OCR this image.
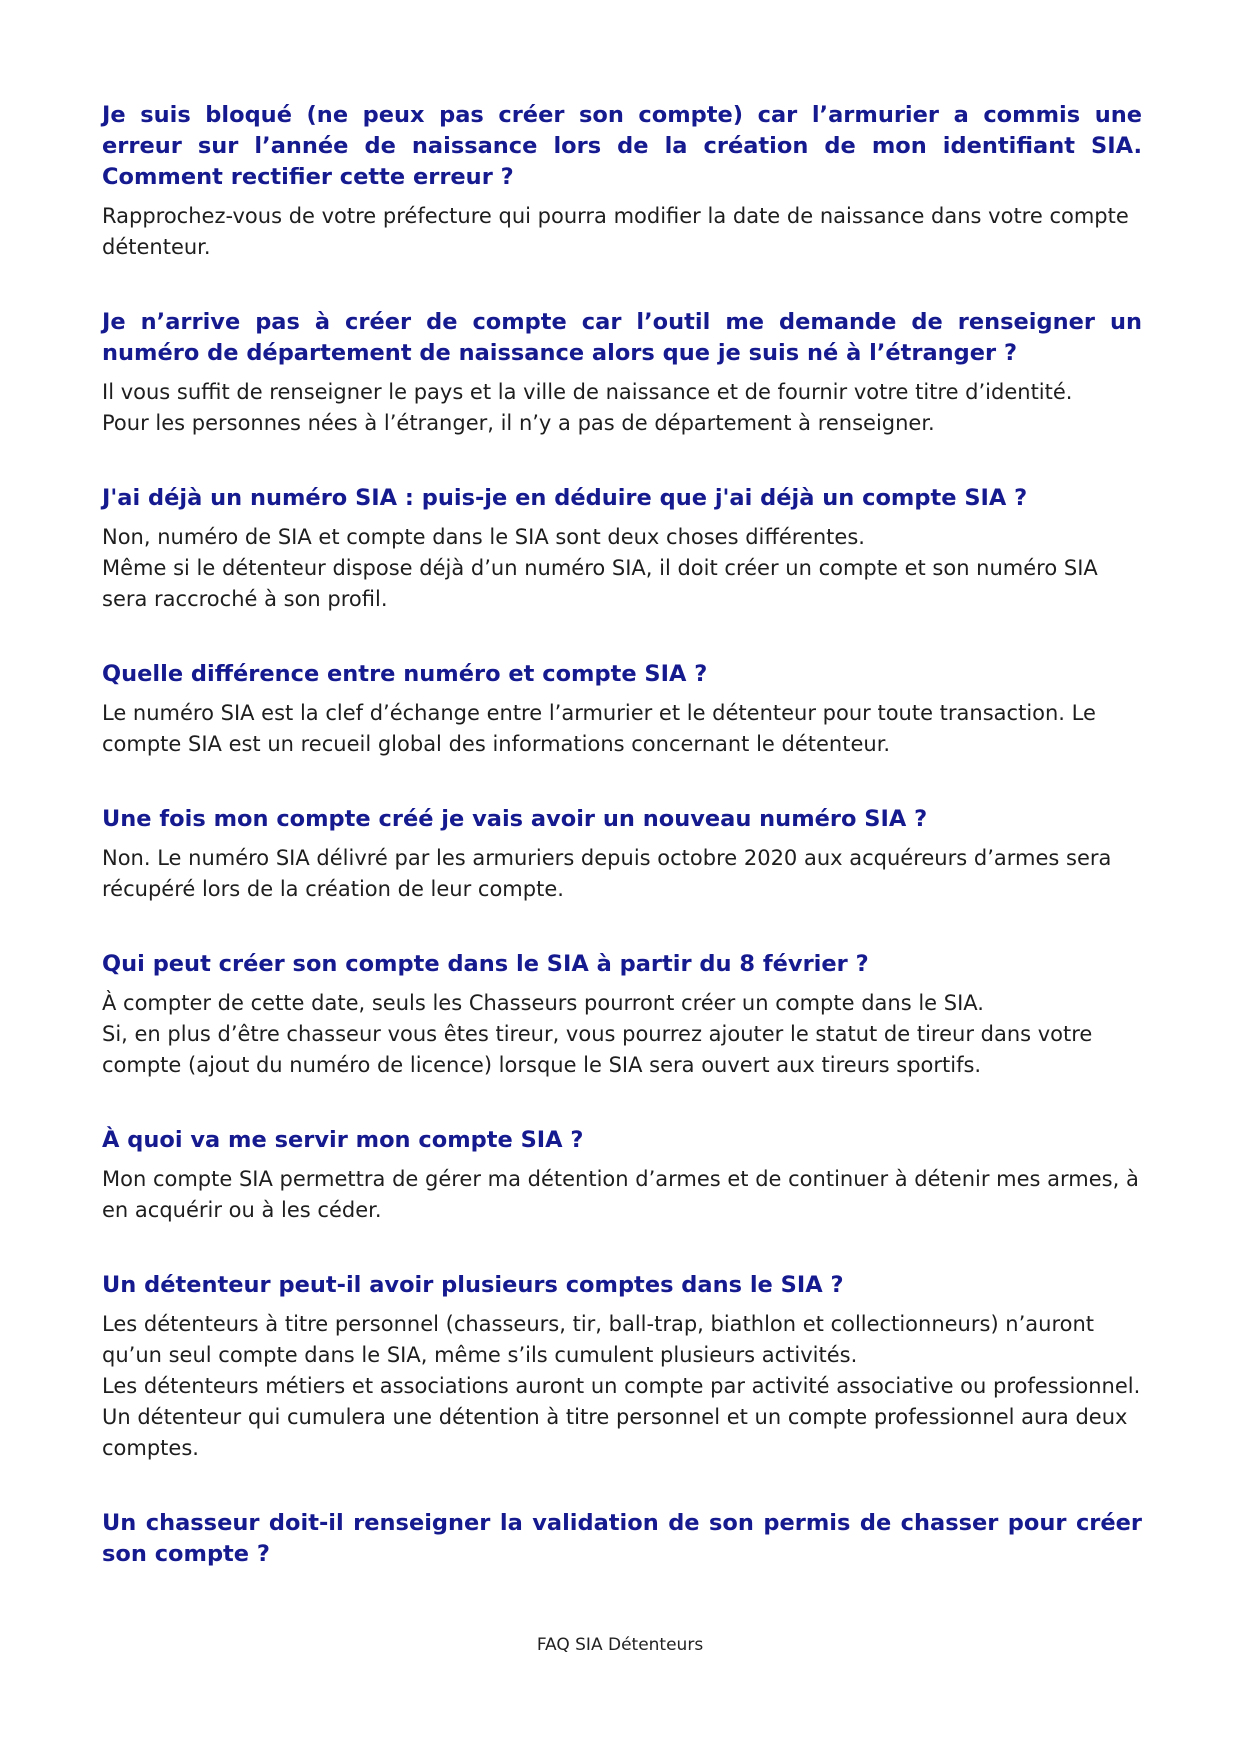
Je suis bloqué (ne peux pas créer son compte) car l’armurier a commis une erreur sur l’année de naissance lors de la création de mon identifiant SIA. Comment rectifier cette erreur ?

Rapprochez-vous de votre préfecture qui pourra modifier la date de naissance dans votre compte détenteur.

Je n’arrive pas à créer de compte car l’outil me demande de renseigner un numéro de département de naissance alors que je suis né à l’étranger ?

Il vous suffit de renseigner le pays et la ville de naissance et de fournir votre titre d’identité.

Pour les personnes nées à l’étranger, il n’y a pas de département à renseigner.

J'ai déjà un numéro SIA : puis-je en déduire que j'ai déjà un compte SIA ?

Non, numéro de SIA et compte dans le SIA sont deux choses différentes.

Même si le détenteur dispose déjà d’un numéro SIA, il doit créer un compte et son numéro SIA sera raccroché à son profil.

Quelle différence entre numéro et compte SIA ?

Le numéro SIA est la clef d’échange entre l’armurier et le détenteur pour toute transaction. Le compte SIA est un recueil global des informations concernant le détenteur.

Une fois mon compte créé je vais avoir un nouveau numéro SIA ?

Non. Le numéro SIA délivré par les armuriers depuis octobre 2020 aux acquéreurs d’armes sera récupéré lors de la création de leur compte.

Qui peut créer son compte dans le SIA à partir du 8 février ?

À compter de cette date, seuls les Chasseurs pourront créer un compte dans le SIA.

Si, en plus d’être chasseur vous êtes tireur, vous pourrez ajouter le statut de tireur dans votre compte (ajout du numéro de licence) lorsque le SIA sera ouvert aux tireurs sportifs.

À quoi va me servir mon compte SIA ?

Mon compte SIA permettra de gérer ma détention d’armes et de continuer à détenir mes armes, à en acquérir ou à les céder.

Un détenteur peut-il avoir plusieurs comptes dans le SIA ?

Les détenteurs à titre personnel (chasseurs, tir, ball-trap, biathlon et collectionneurs) n’auront qu’un seul compte dans le SIA, même s’ils cumulent plusieurs activités.

Les détenteurs métiers et associations auront un compte par activité associative ou professionnel.

Un détenteur qui cumulera une détention à titre personnel et un compte professionnel aura deux comptes.

Un chasseur doit-il renseigner la validation de son permis de chasser pour créer son compte ?
FAQ SIA Détenteurs
